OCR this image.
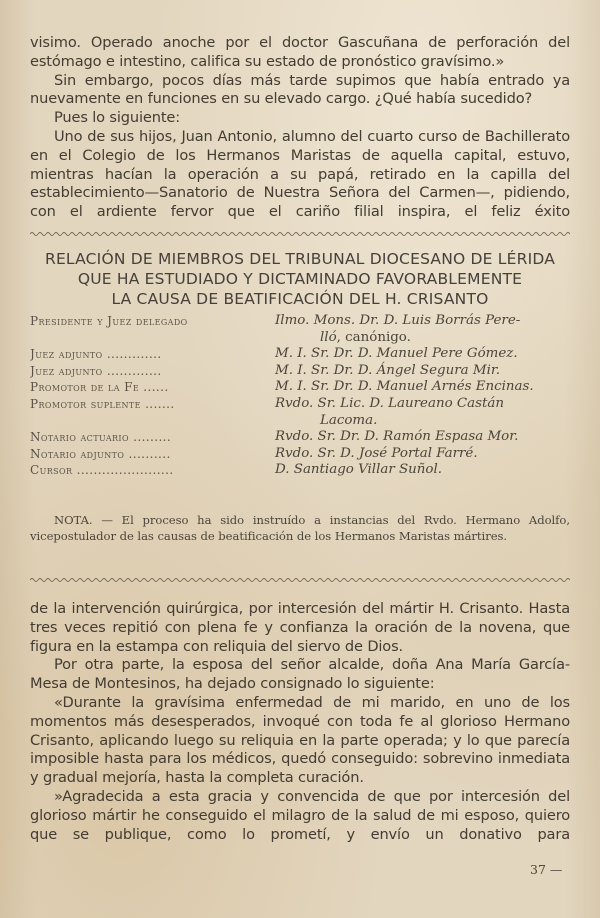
visimo. Operado anoche por el doctor Gascuñana de perforación del estómago e intestino, califica su estado de pronóstico gravísimo.»

Sin embargo, pocos días más tarde supimos que había entrado ya nuevamente en funciones en su elevado cargo. ¿Qué había sucedido?

Pues lo siguiente:

Uno de sus hijos, Juan Antonio, alumno del cuarto curso de Bachillerato en el Colegio de los Hermanos Maristas de aquella capital, estuvo, mientras hacían la operación a su papá, retirado en la capilla del establecimiento—Sanatorio de Nuestra Señora del Carmen—, pidiendo, con el ardiente fervor que el cariño filial inspira, el feliz éxito

RELACIÓN DE MIEMBROS DEL TRIBUNAL DIOCESANO DE LÉRIDA
QUE HA ESTUDIADO Y DICTAMINADO FAVORABLEMENTE
LA CAUSA DE BEATIFICACIÓN DEL H. CRISANTO
Presidente y Juez delegado	Ilmo. Mons. Dr. D. Luis Borrás Pere-
lló, canónigo.
Juez adjunto .............	M. I. Sr. Dr. D. Manuel Pere Gómez.
Juez adjunto .............	M. I. Sr. Dr. D. Ángel Segura Mir.
Promotor de la Fe ......	M. I. Sr. Dr. D. Manuel Arnés Encinas.
Promotor suplente .......	Rvdo. Sr. Lic. D. Laureano Castán
Lacoma.
Notario actuario .........	Rvdo. Sr. Dr. D. Ramón Espasa Mor.
Notario adjunto ..........	Rvdo. Sr. D. José Portal Farré.
Cursor .......................	D. Santiago Villar Suñol.

NOTA. — El proceso ha sido instruído a instancias del Rvdo. Hermano Adolfo, vicepostulador de las causas de beatificación de los Hermanos Maristas mártires.

de la intervención quirúrgica, por intercesión del mártir H. Crisanto. Hasta tres veces repitió con plena fe y confianza la oración de la novena, que figura en la estampa con reliquia del siervo de Dios.

Por otra parte, la esposa del señor alcalde, doña Ana María García-Mesa de Montesinos, ha dejado consignado lo siguiente:

«Durante la gravísima enfermedad de mi marido, en uno de los momentos más desesperados, invoqué con toda fe al glorioso Hermano Crisanto, aplicando luego su reliquia en la parte operada; y lo que parecía imposible hasta para los médicos, quedó conseguido: sobrevino inmediata y gradual mejoría, hasta la completa curación.

»Agradecida a esta gracia y convencida de que por intercesión del glorioso mártir he conseguido el milagro de la salud de mi esposo, quiero que se publique, como lo prometí, y envío un donativo para

37 —
